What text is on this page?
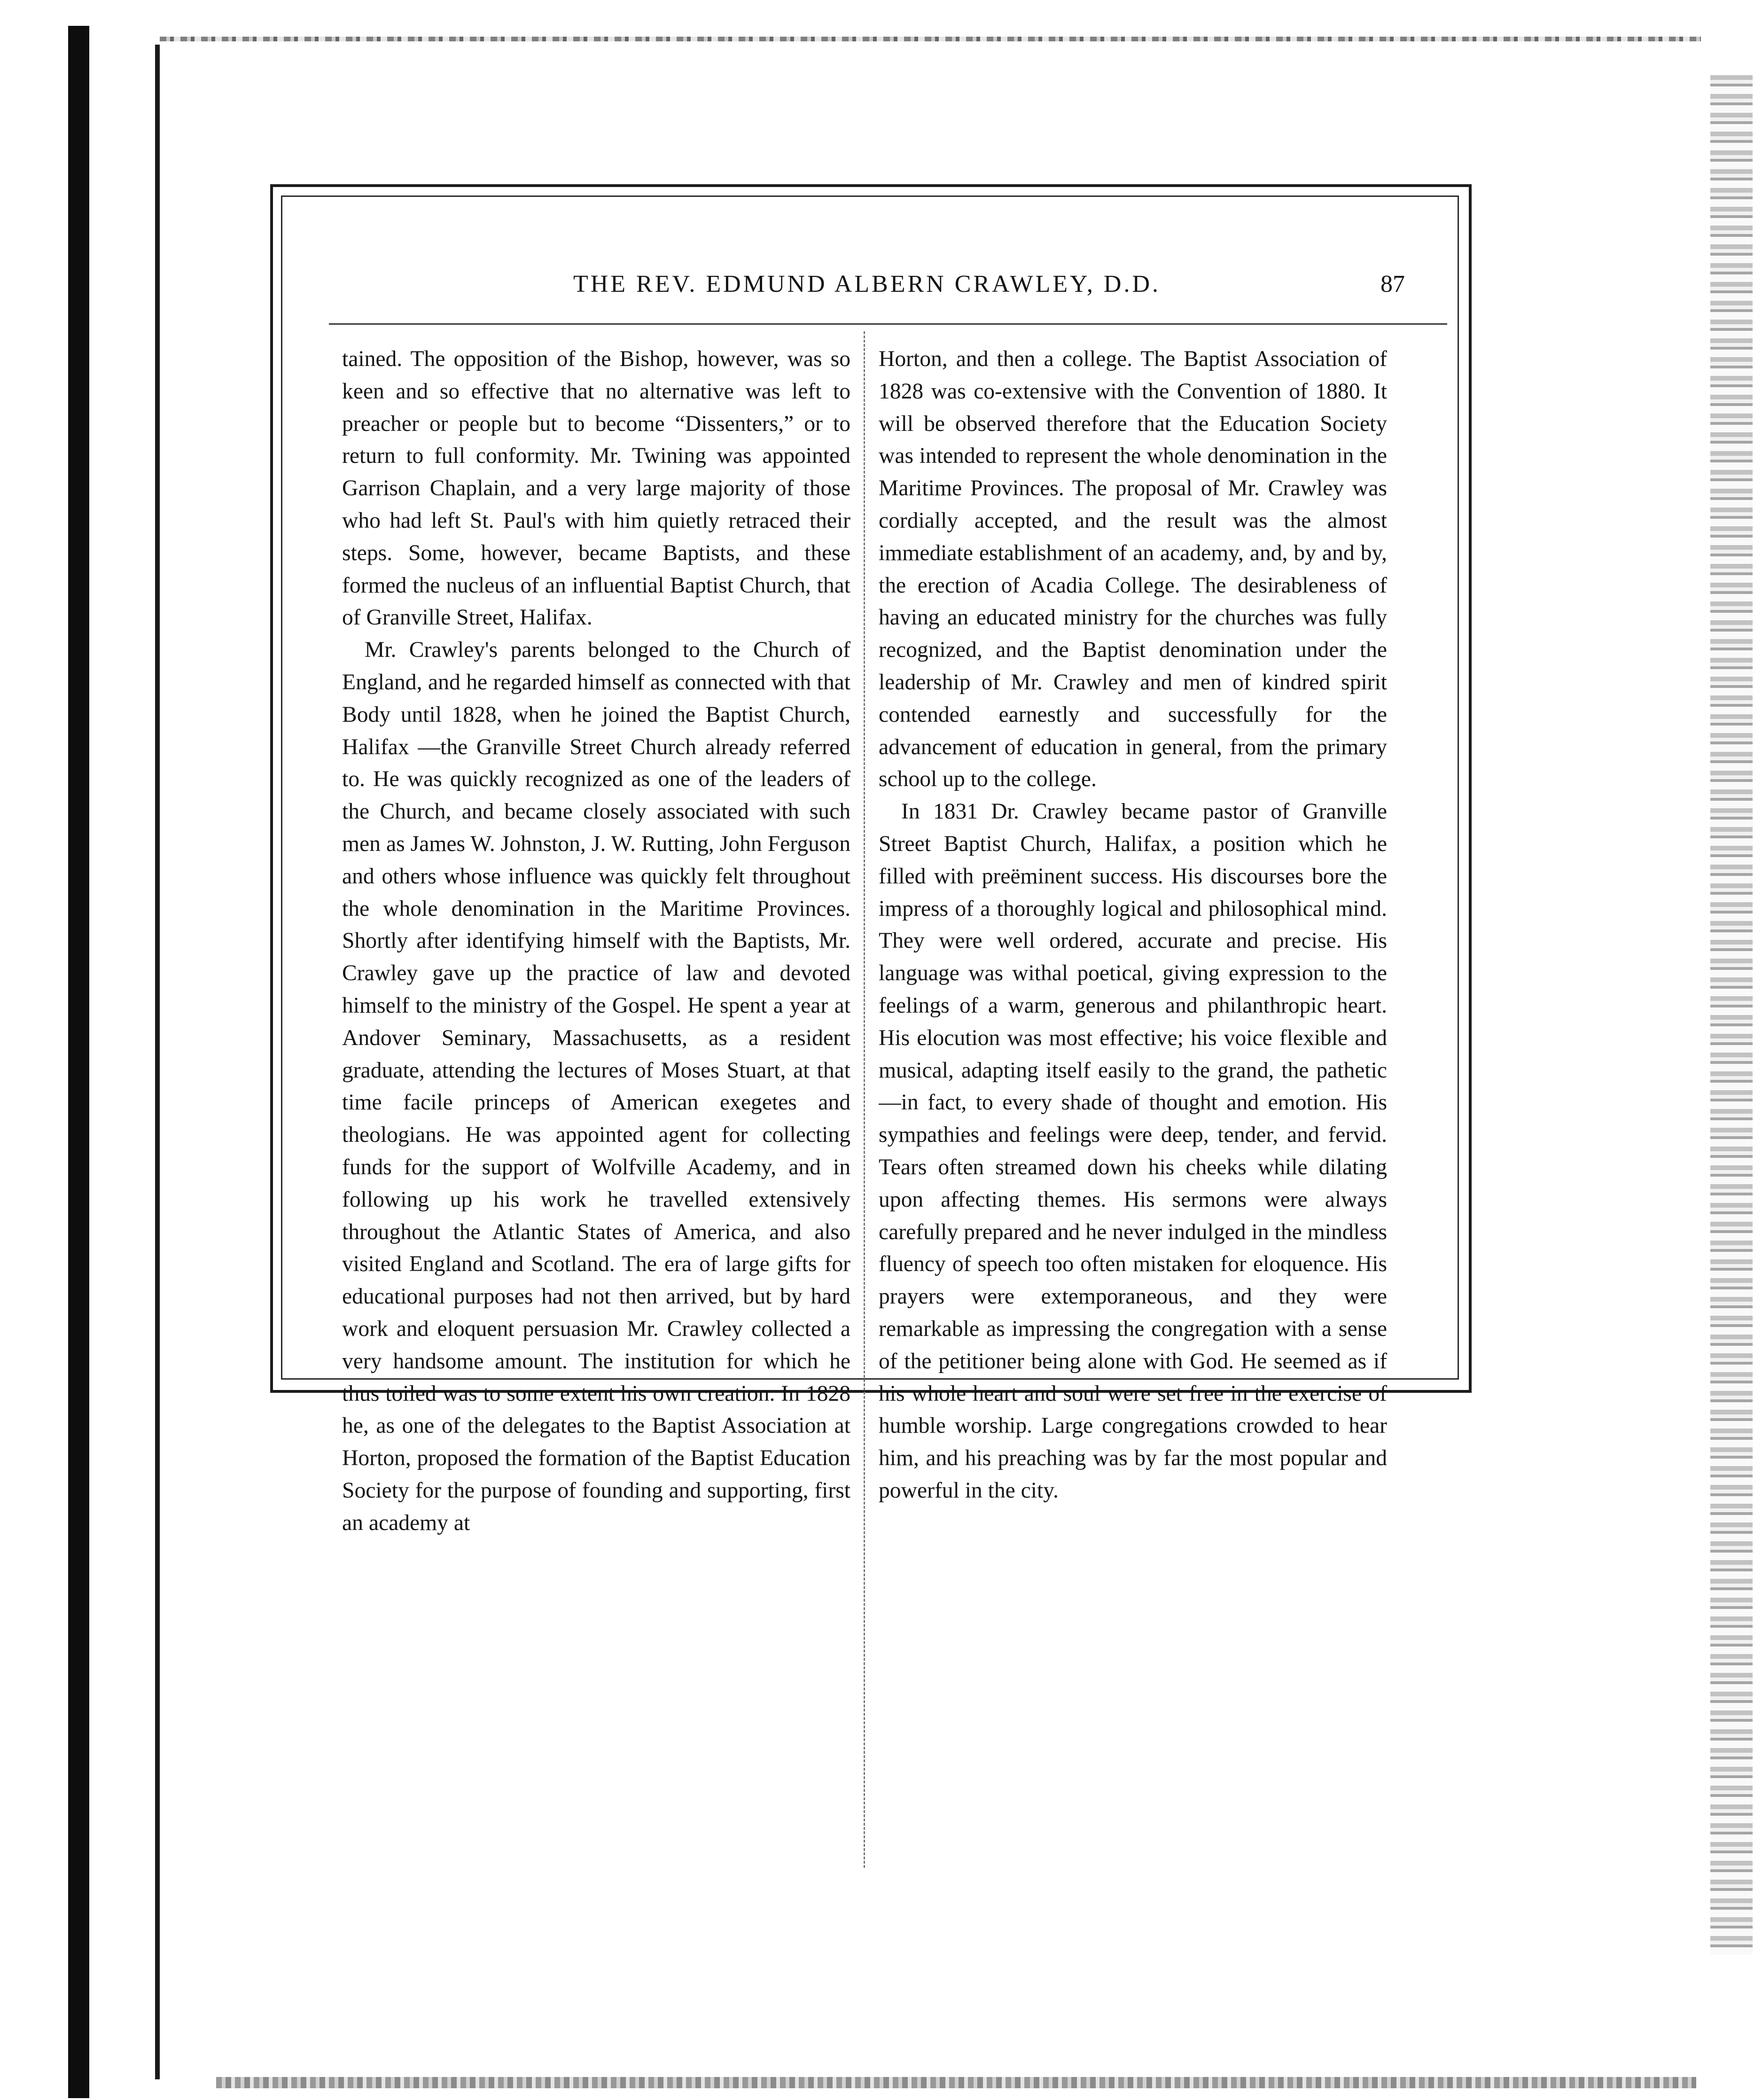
THE REV. EDMUND ALBERN CRAWLEY, D.D.	87

tained. The opposition of the Bishop, however, was so keen and so effective that no alternative was left to preacher or people but to become “Dissenters,” or to return to full conformity. Mr. Twining was appointed Garrison Chaplain, and a very large majority of those who had left St. Paul's with him quietly retraced their steps. Some, however, became Baptists, and these formed the nucleus of an influential Baptist Church, that of Granville Street, Halifax.

Mr. Crawley's parents belonged to the Church of England, and he regarded himself as connected with that Body until 1828, when he joined the Baptist Church, Halifax —the Granville Street Church already referred to. He was quickly recognized as one of the leaders of the Church, and became closely associated with such men as James W. Johnston, J. W. Rutting, John Ferguson and others whose influence was quickly felt throughout the whole denomination in the Maritime Provinces. Shortly after identifying himself with the Baptists, Mr. Crawley gave up the practice of law and devoted himself to the ministry of the Gospel. He spent a year at Andover Seminary, Massachusetts, as a resident graduate, attending the lectures of Moses Stuart, at that time facile princeps of American exegetes and theologians. He was appointed agent for collecting funds for the support of Wolfville Academy, and in following up his work he travelled extensively throughout the Atlantic States of America, and also visited England and Scotland. The era of large gifts for educational purposes had not then arrived, but by hard work and eloquent persuasion Mr. Crawley collected a very handsome amount. The institution for which he thus toiled was to some extent his own creation. In 1828 he, as one of the delegates to the Baptist Association at Horton, proposed the formation of the Baptist Education Society for the purpose of founding and supporting, first an academy at

Horton, and then a college. The Baptist Association of 1828 was co-extensive with the Convention of 1880. It will be observed therefore that the Education Society was intended to represent the whole denomination in the Maritime Provinces. The proposal of Mr. Crawley was cordially accepted, and the result was the almost immediate establishment of an academy, and, by and by, the erection of Acadia College. The desirableness of having an educated ministry for the churches was fully recognized, and the Baptist denomination under the leadership of Mr. Crawley and men of kindred spirit contended earnestly and successfully for the advancement of education in general, from the primary school up to the college.

In 1831 Dr. Crawley became pastor of Granville Street Baptist Church, Halifax, a position which he filled with preëminent success. His discourses bore the impress of a thoroughly logical and philosophical mind. They were well ordered, accurate and precise. His language was withal poetical, giving expression to the feelings of a warm, generous and philanthropic heart. His elocution was most effective; his voice flexible and musical, adapting itself easily to the grand, the pathetic—in fact, to every shade of thought and emotion. His sympathies and feelings were deep, tender, and fervid. Tears often streamed down his cheeks while dilating upon affecting themes. His sermons were always carefully prepared and he never indulged in the mindless fluency of speech too often mistaken for eloquence. His prayers were extemporaneous, and they were remarkable as impressing the congregation with a sense of the petitioner being alone with God. He seemed as if his whole heart and soul were set free in the exercise of humble worship. Large congregations crowded to hear him, and his preaching was by far the most popular and powerful in the city.
